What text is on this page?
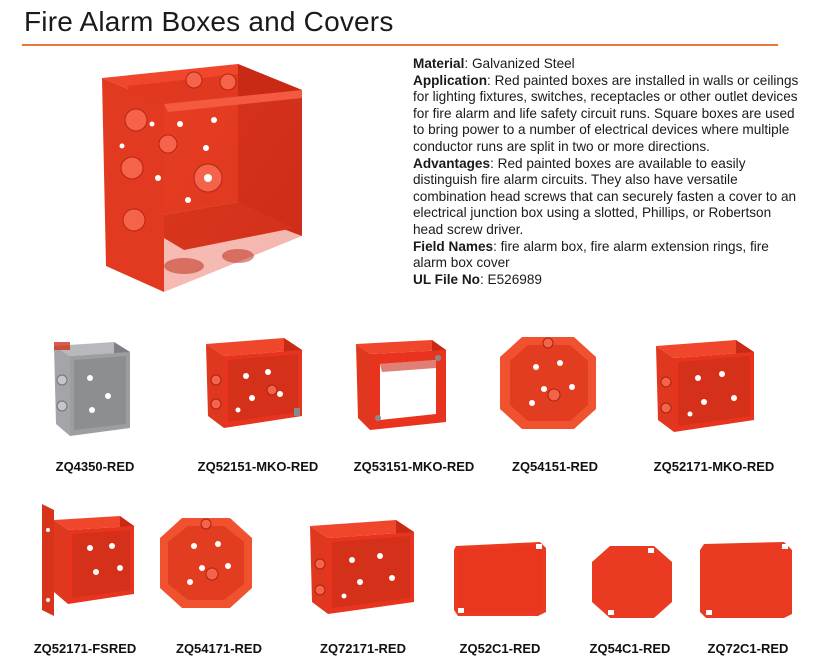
Fire Alarm Boxes and Covers

Material: Galvanized Steel

Application: Red painted boxes are installed in walls or ceilings for lighting fixtures, switches, receptacles or other outlet devices for fire alarm and life safety circuit runs. Square boxes are used to bring power to a number of electrical devices where multiple conductor runs are split in two or more directions.

Advantages: Red painted boxes are available to easily distinguish fire alarm circuits. They also have versatile combination head screws that can securely fasten a cover to an electrical junction box using a slotted, Phillips, or Robertson head screw driver.

Field Names: fire alarm box, fire alarm extension rings, fire alarm box cover

UL File No: E526989

ZQ4350-RED	ZQ52151-MKO-RED	ZQ53151-MKO-RED	ZQ54151-RED	ZQ52171-MKO-RED
ZQ52171-FSRED	ZQ54171-RED	ZQ72171-RED	ZQ52C1-RED	ZQ54C1-RED	ZQ72C1-RED
